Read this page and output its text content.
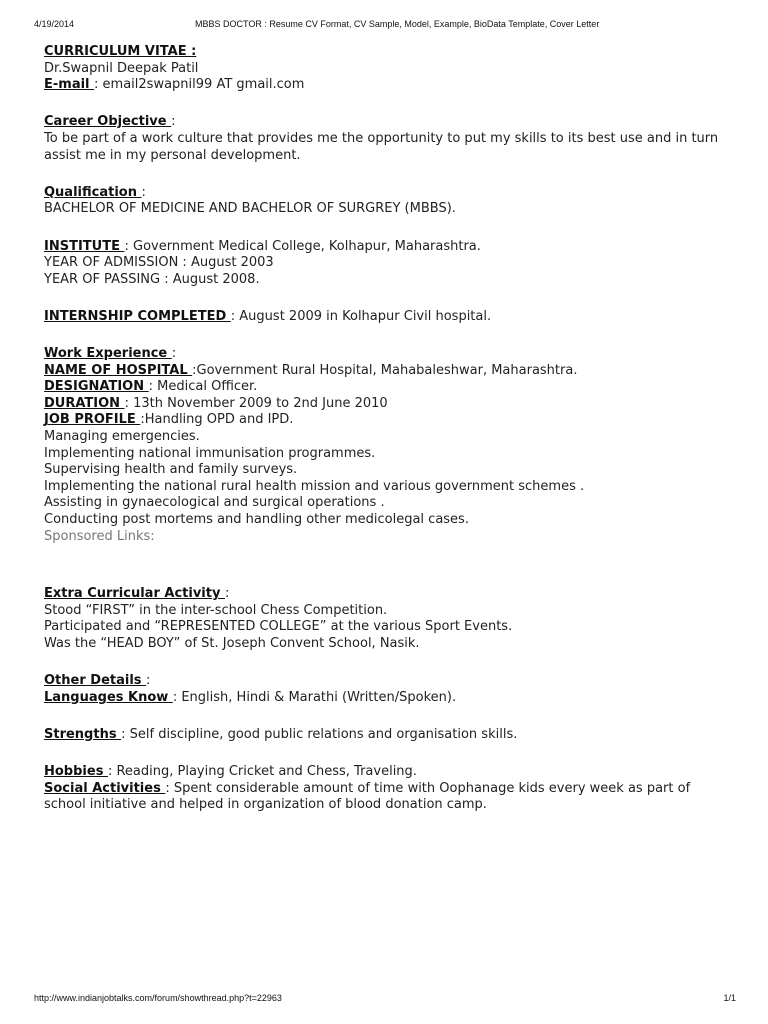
4/19/2014	MBBS DOCTOR : Resume CV Format, CV Sample, Model, Example, BioData Template, Cover Letter
CURRICULUM VITAE :
Dr.Swapnil Deepak Patil
E-mail : email2swapnil99 AT gmail.com
Career Objective :
To be part of a work culture that provides me the opportunity to put my skills to its best use and in turn assist me in my personal development.
Qualification :
BACHELOR OF MEDICINE AND BACHELOR OF SURGREY (MBBS).
INSTITUTE : Government Medical College, Kolhapur, Maharashtra.
YEAR OF ADMISSION : August 2003
YEAR OF PASSING : August 2008.
INTERNSHIP COMPLETED : August 2009 in Kolhapur Civil hospital.
Work Experience :
NAME OF HOSPITAL :Government Rural Hospital, Mahabaleshwar, Maharashtra.
DESIGNATION : Medical Officer.
DURATION : 13th November 2009 to 2nd June 2010
JOB PROFILE :Handling OPD and IPD.
Managing emergencies.
Implementing national immunisation programmes.
Supervising health and family surveys.
Implementing the national rural health mission and various government schemes .
Assisting in gynaecological and surgical operations .
Conducting post mortems and handling other medicolegal cases.
Sponsored Links:
Extra Curricular Activity :
Stood “FIRST” in the inter-school Chess Competition.
Participated and “REPRESENTED COLLEGE” at the various Sport Events.
Was the “HEAD BOY” of St. Joseph Convent School, Nasik.
Other Details :
Languages Know : English, Hindi & Marathi (Written/Spoken).
Strengths : Self discipline, good public relations and organisation skills.
Hobbies : Reading, Playing Cricket and Chess, Traveling.
Social Activities : Spent considerable amount of time with Oophanage kids every week as part of school initiative and helped in organization of blood donation camp.
http://www.indianjobtalks.com/forum/showthread.php?t=22963	1/1
